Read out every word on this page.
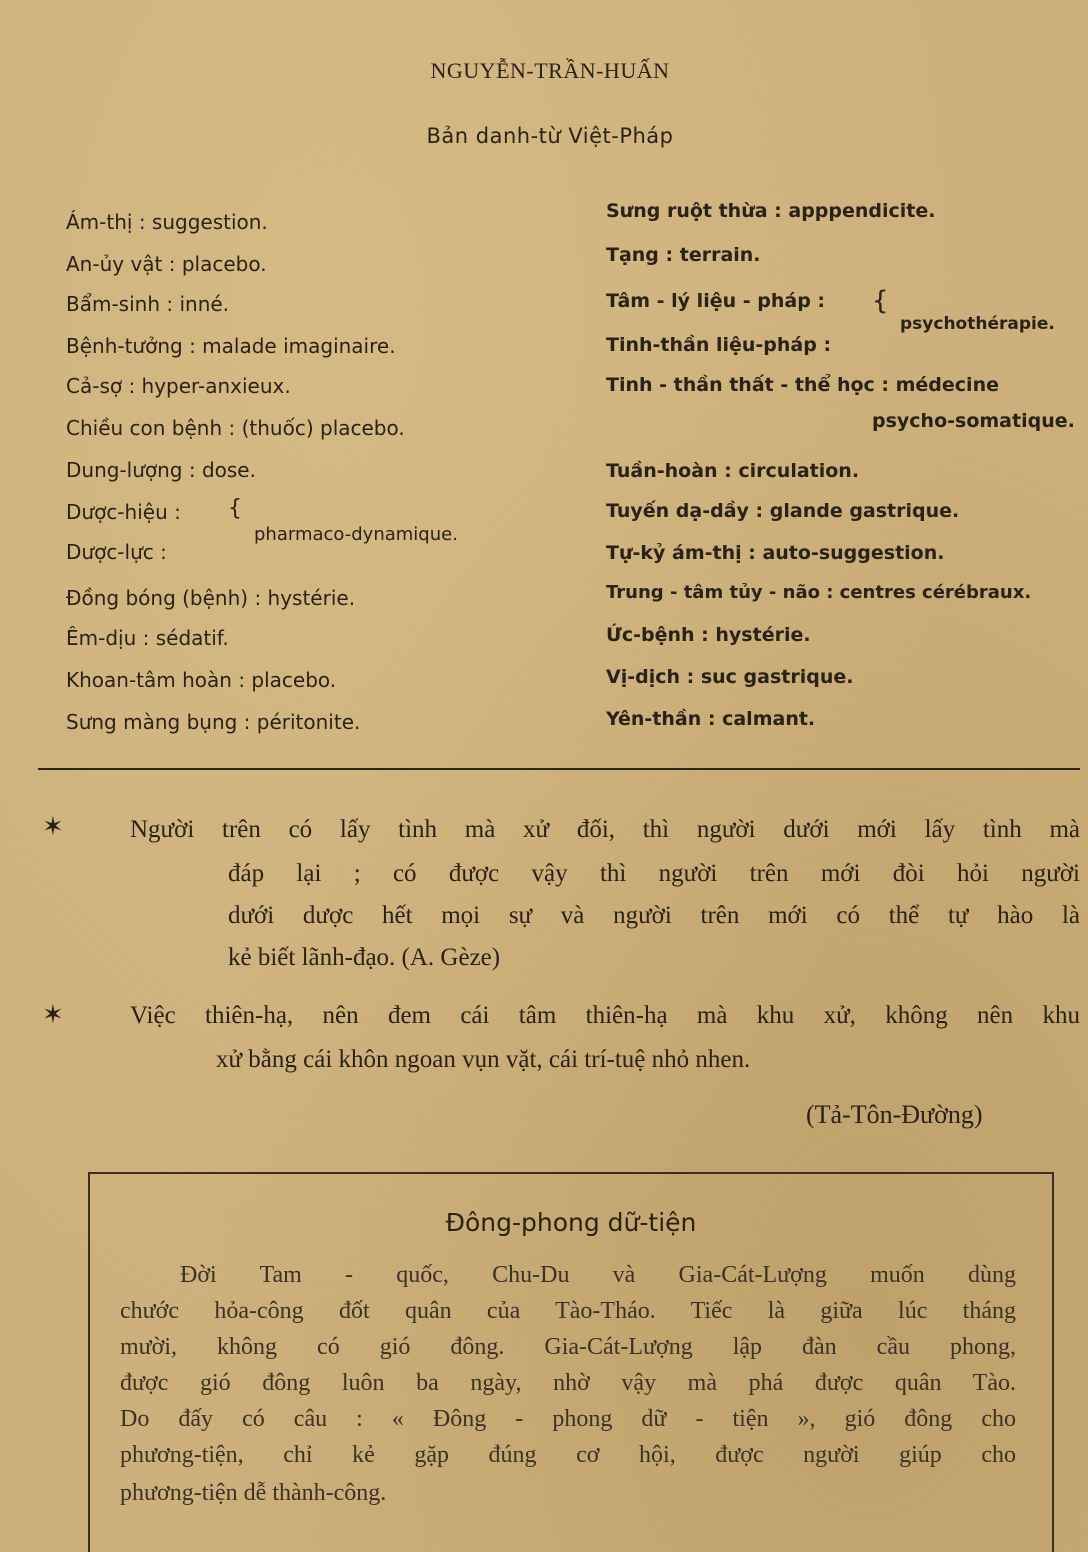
NGUYỄN-TRẦN-HUẤN
Bản danh-từ Việt-Pháp
Ám-thị : suggestion.
An-ủy vật : placebo.
Bẩm-sinh : inné.
Bệnh-tưởng : malade imaginaire.
Cả-sợ : hyper-anxieux.
Chiều con bệnh : (thuốc) placebo.
Dung-lượng : dose.
Dược-hiệu :
Dược-lực :
{
pharmaco-dynamique.
Đồng bóng (bệnh) : hystérie.
Êm-dịu : sédatif.
Khoan-tâm hoàn : placebo.
Sưng màng bụng : péritonite.
Sưng ruột thừa : apppendicite.
Tạng : terrain.
Tâm - lý liệu - pháp :
Tinh-thần liệu-pháp :
{
psychothérapie.
Tinh - thần thất - thể học : médecine
psycho-somatique.
Tuần-hoàn : circulation.
Tuyến dạ-dầy : glande gastrique.
Tự-kỷ ám-thị : auto-suggestion.
Trung - tâm tủy - não : centres cérébraux.
Ức-bệnh : hystérie.
Vị-dịch : suc gastrique.
Yên-thần : calmant.
✶	Người trên có lấy tình mà xử đối, thì người dưới mới lấy tình mà
đáp lại ; có được vậy thì người trên mới đòi hỏi người
dưới dược hết mọi sự và người trên mới có thể tự hào là
kẻ biết lãnh-đạo. (A. Gèze)
✶	Việc thiên-hạ, nên đem cái tâm thiên-hạ mà khu xử, không nên khu
xử bằng cái khôn ngoan vụn vặt, cái trí-tuệ nhỏ nhen.
(Tả-Tôn-Đường)
Đông-phong dữ-tiện
Đời Tam - quốc, Chu-Du và Gia-Cát-Lượng muốn dùng
chước hỏa-công đốt quân của Tào-Tháo. Tiếc là giữa lúc tháng
mười, không có gió đông. Gia-Cát-Lượng lập đàn cầu phong,
được gió đông luôn ba ngày, nhờ vậy mà phá được quân Tào.
Do đấy có câu : « Đông - phong dữ - tiện », gió đông cho
phương-tiện, chỉ kẻ gặp đúng cơ hội, được người giúp cho
phương-tiện dễ thành-công.
